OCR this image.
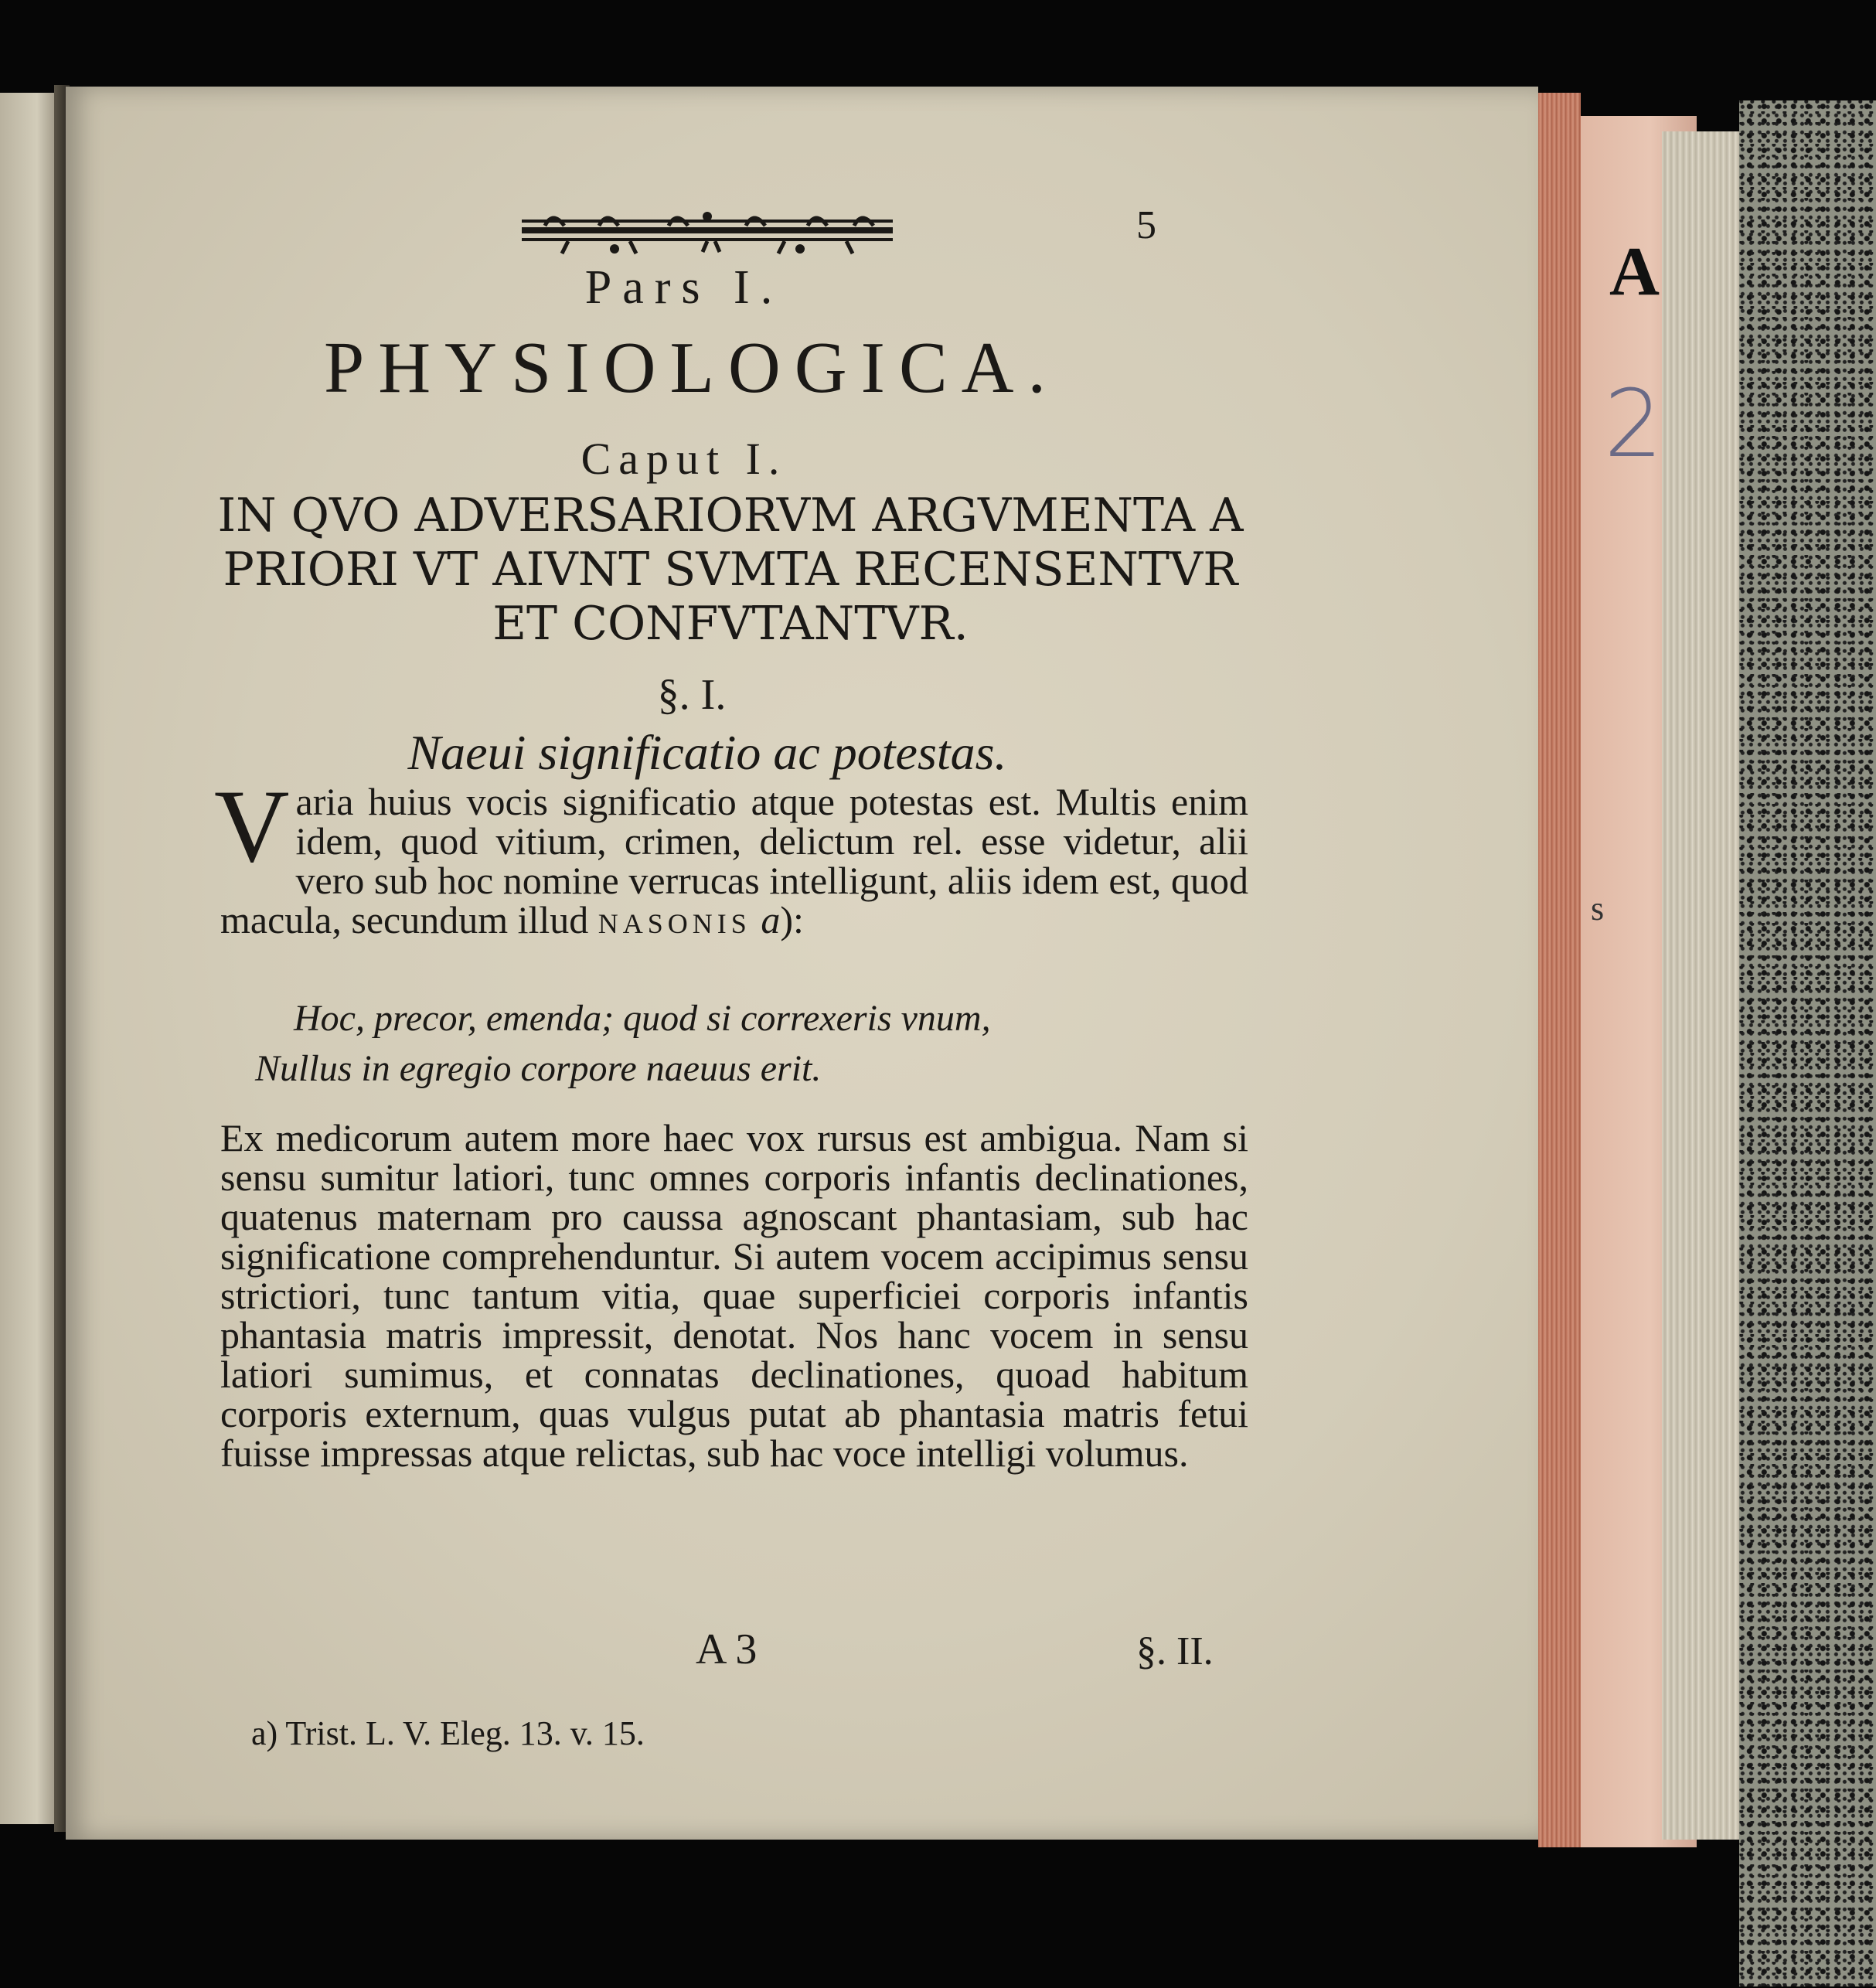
A
2
s
5
Pars I.
PHYSIOLOGICA.
Caput I.
IN QVO ADVERSARIORVM ARGVMENTA A
PRIORI VT AIVNT SVMTA RECENSENTVR
ET CONFVTANTVR.
§. I.
Naeui significatio ac potestas.
Varia huius vocis significatio atque potestas est. Multis enim idem, quod vitium, crimen, delictum rel. esse videtur, alii vero sub hoc nomine verrucas intelligunt, aliis idem est, quod macula, secundum illud NASONIS a):
Hoc, precor, emenda; quod si correxeris vnum,
Nullus in egregio corpore naeuus erit.
Ex medicorum autem more haec vox rursus est ambigua. Nam si sensu sumitur latiori, tunc omnes corporis infantis declinationes, quatenus maternam pro caussa agnoscant phantasiam, sub hac significatione comprehenduntur. Si autem vocem accipimus sensu strictiori, tunc tantum vitia, quae superficiei corporis infantis phantasia matris impressit, denotat. Nos hanc vocem in sensu latiori sumimus, et connatas declinationes, quoad habitum corporis externum, quas vulgus putat ab phantasia matris fetui fuisse impressas atque relictas, sub hac voce intelligi volumus.
A 3	§. II.
a) Trist. L. V. Eleg. 13. v. 15.
